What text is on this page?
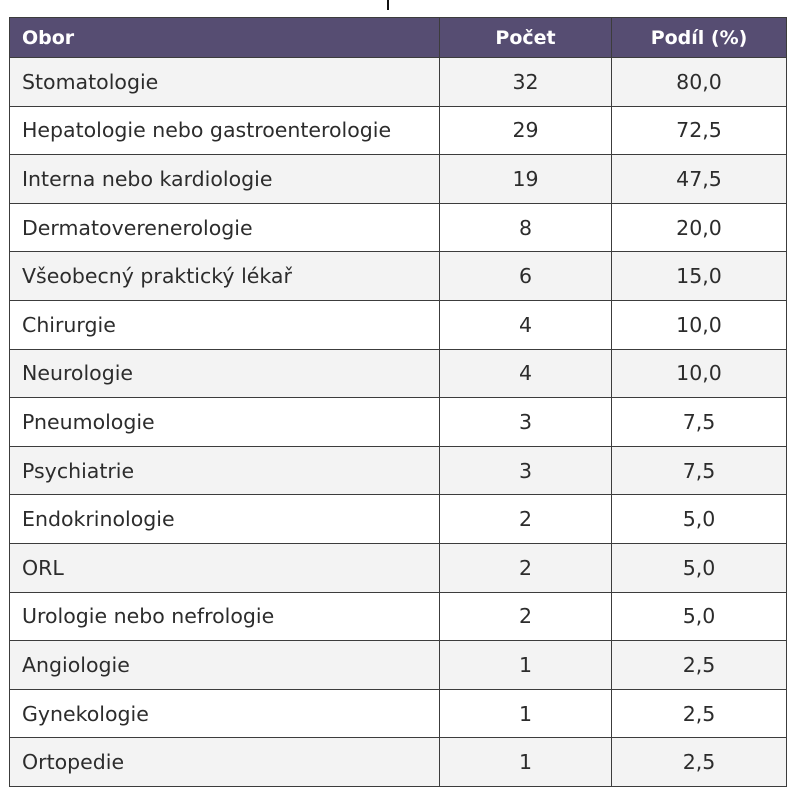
Obor	Počet	Podíl (%)
Stomatologie	32	80,0
Hepatologie nebo gastroenterologie	29	72,5
Interna nebo kardiologie	19	47,5
Dermatoverenerologie	8	20,0
Všeobecný praktický lékař	6	15,0
Chirurgie	4	10,0
Neurologie	4	10,0
Pneumologie	3	7,5
Psychiatrie	3	7,5
Endokrinologie	2	5,0
ORL	2	5,0
Urologie nebo nefrologie	2	5,0
Angiologie	1	2,5
Gynekologie	1	2,5
Ortopedie	1	2,5
